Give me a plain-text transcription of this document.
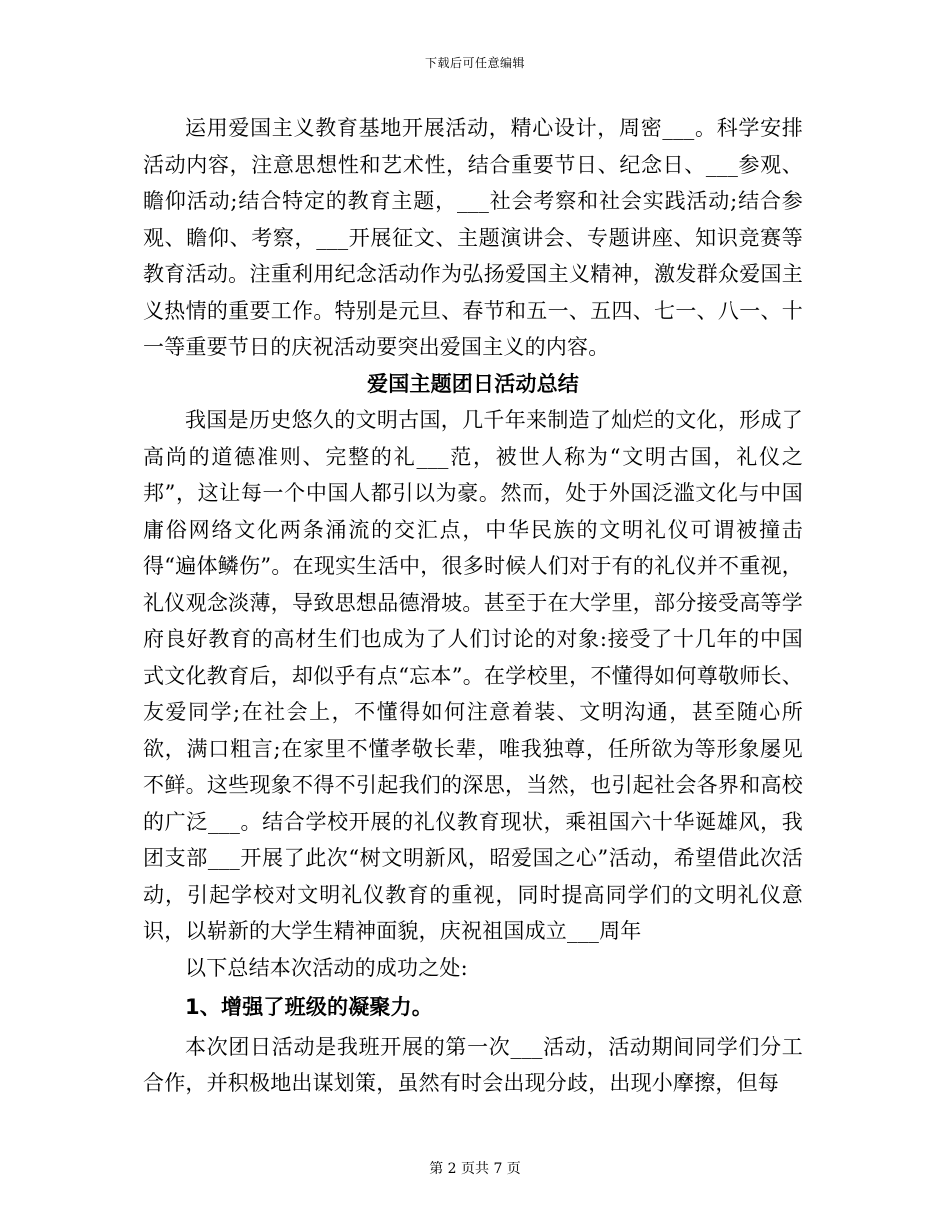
下载后可任意编辑

运用爱国主义教育基地开展活动，精心设计，周密___。科学安排活动内容，注意思想性和艺术性，结合重要节日、纪念日、___参观、瞻仰活动;结合特定的教育主题，___社会考察和社会实践活动;结合参观、瞻仰、考察，___开展征文、主题演讲会、专题讲座、知识竞赛等教育活动。注重利用纪念活动作为弘扬爱国主义精神，激发群众爱国主义热情的重要工作。特别是元旦、春节和五一、五四、七一、八一、十一等重要节日的庆祝活动要突出爱国主义的内容。

爱国主题团日活动总结

我国是历史悠久的文明古国，几千年来制造了灿烂的文化，形成了高尚的道德准则、完整的礼___范，被世人称为“文明古国，礼仪之邦”，这让每一个中国人都引以为豪。然而，处于外国泛滥文化与中国庸俗网络文化两条涌流的交汇点，中华民族的文明礼仪可谓被撞击得“遍体鳞伤”。在现实生活中，很多时候人们对于有的礼仪并不重视，礼仪观念淡薄，导致思想品德滑坡。甚至于在大学里，部分接受高等学府良好教育的高材生们也成为了人们讨论的对象:接受了十几年的中国式文化教育后，却似乎有点“忘本”。在学校里，不懂得如何尊敬师长、友爱同学;在社会上，不懂得如何注意着装、文明沟通，甚至随心所欲，满口粗言;在家里不懂孝敬长辈，唯我独尊，任所欲为等形象屡见不鲜。这些现象不得不引起我们的深思，当然，也引起社会各界和高校的广泛___。结合学校开展的礼仪教育现状，乘祖国六十华诞雄风，我团支部___开展了此次“树文明新风，昭爱国之心”活动，希望借此次活动，引起学校对文明礼仪教育的重视，同时提高同学们的文明礼仪意识，以崭新的大学生精神面貌，庆祝祖国成立___周年

以下总结本次活动的成功之处:

1、增强了班级的凝聚力。

本次团日活动是我班开展的第一次___活动，活动期间同学们分工合作，并积极地出谋划策，虽然有时会出现分歧，出现小摩擦，但每

第 2 页共 7 页
